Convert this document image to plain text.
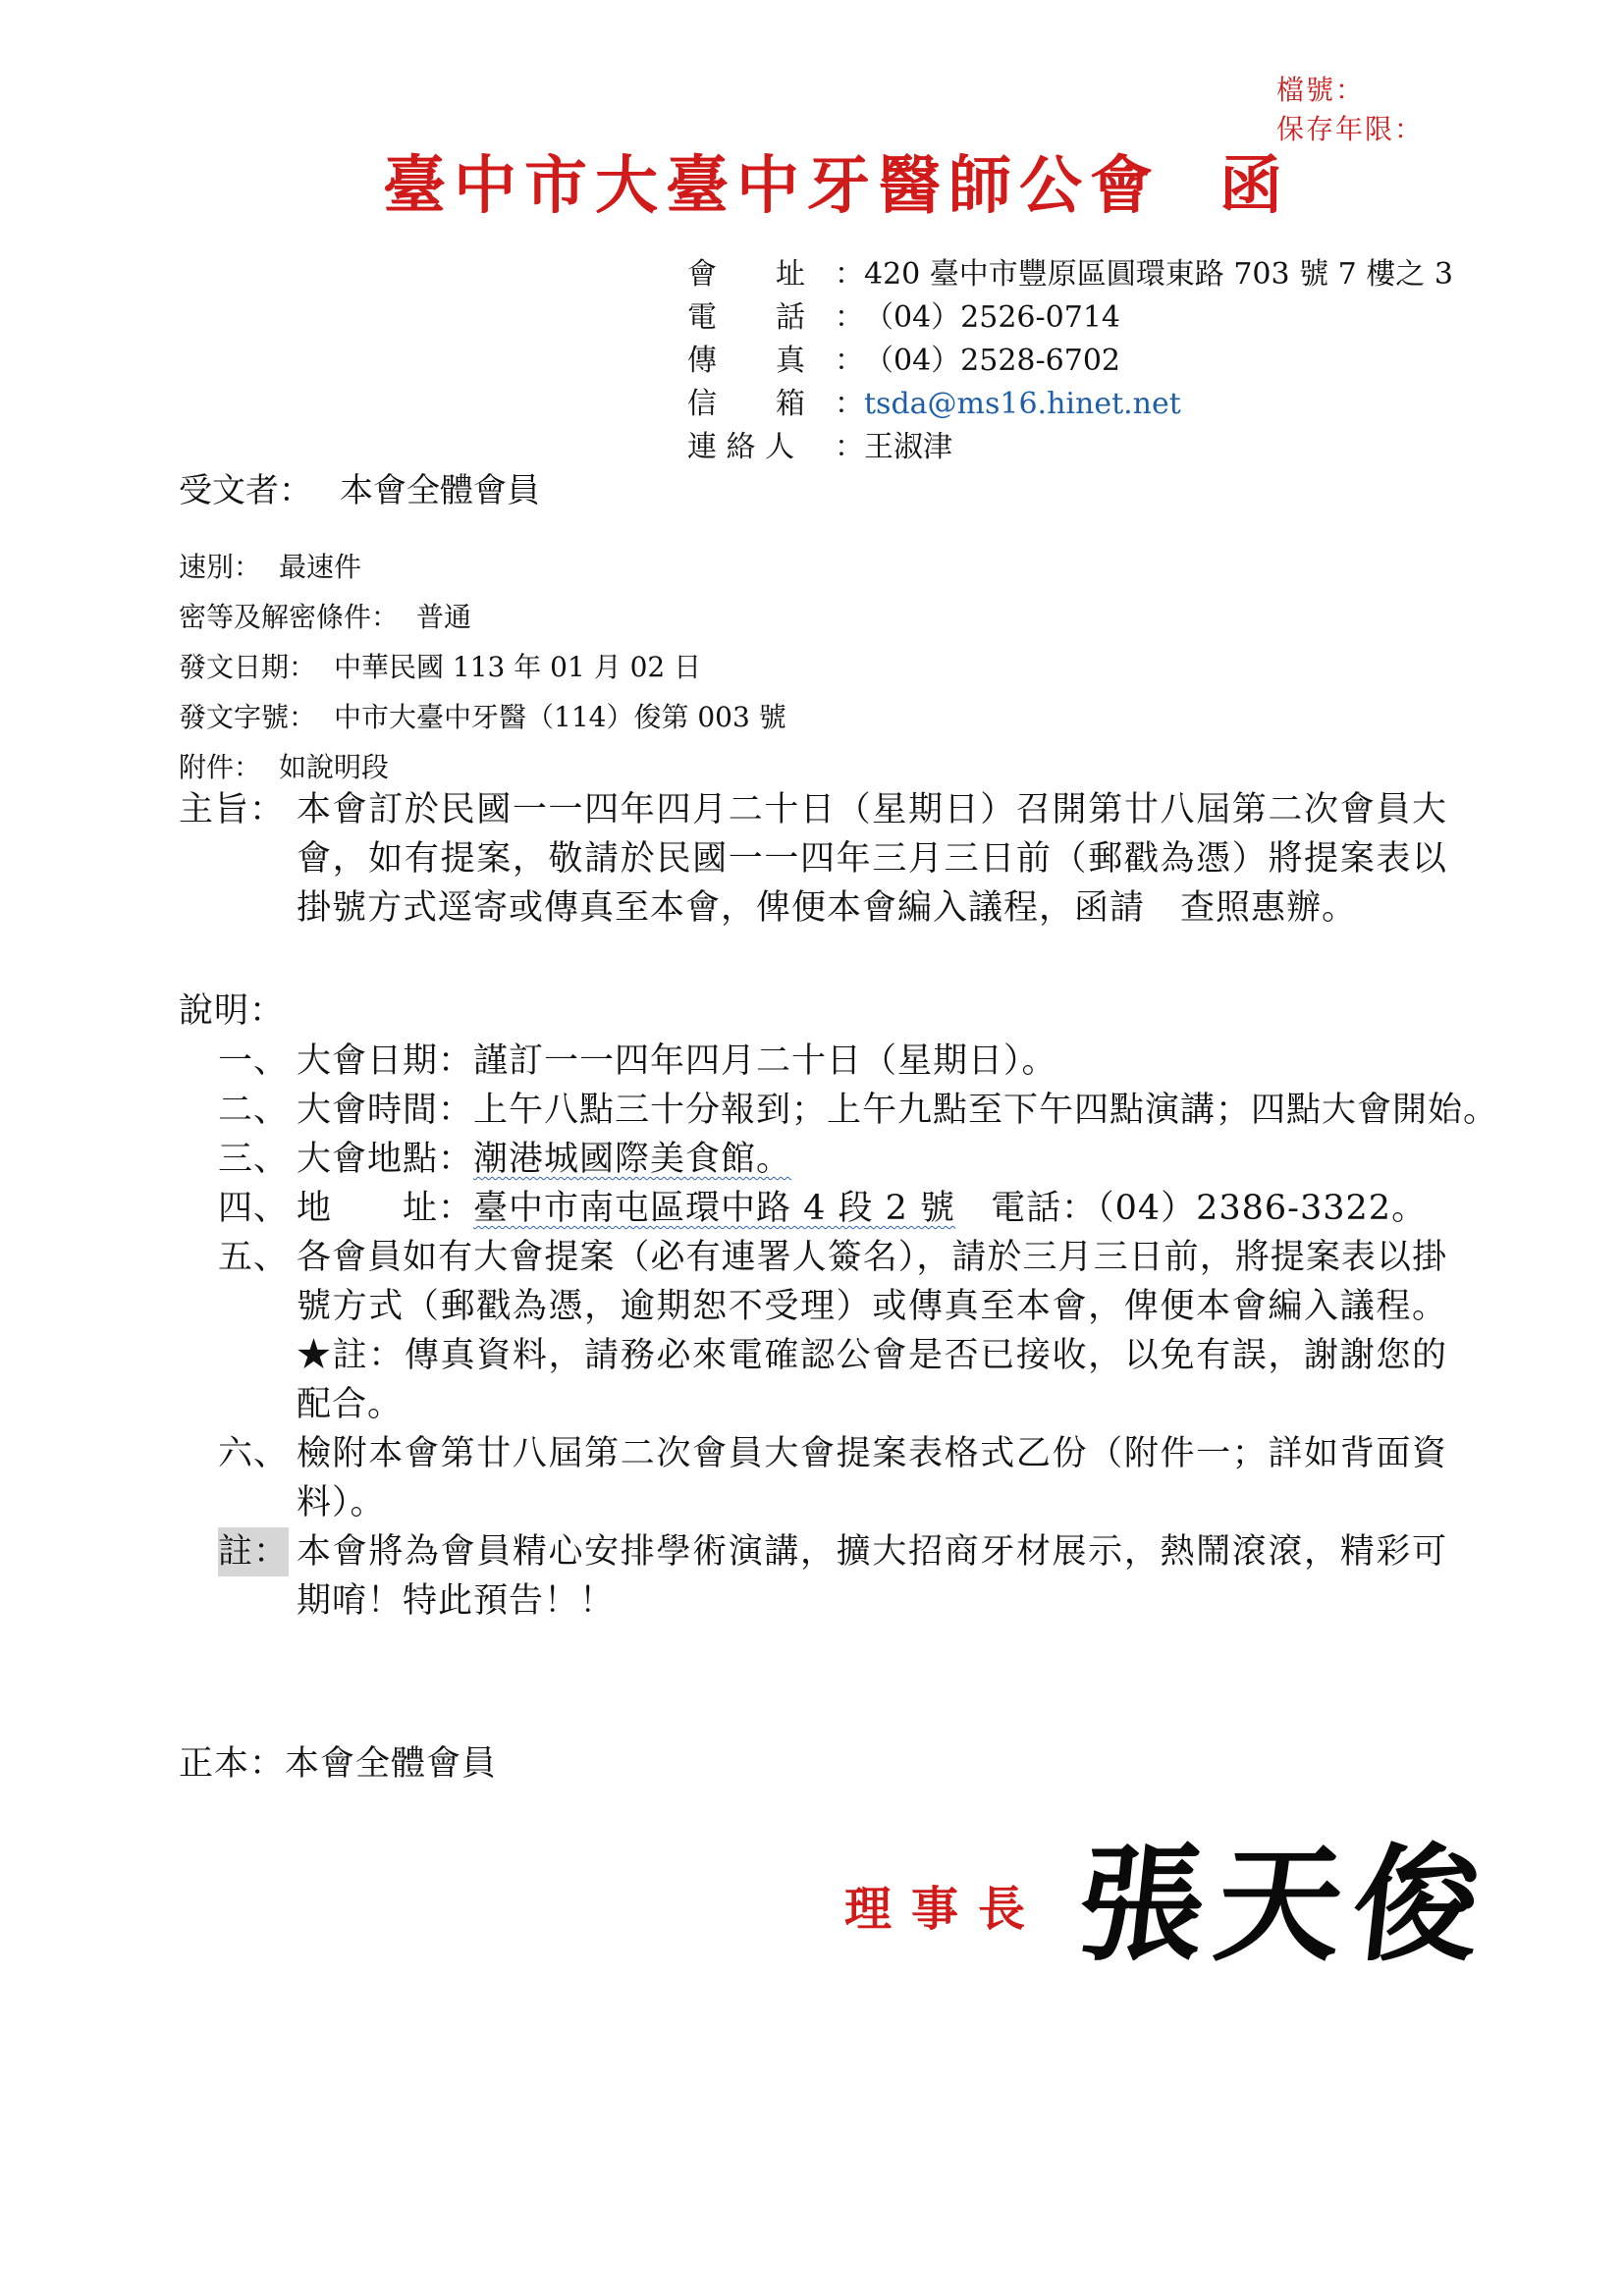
檔號：
保存年限：
臺中市大臺中牙醫師公會 函
會　　址	： 420 臺中市豐原區圓環東路 703 號 7 樓之 3
電　　話	： （04）2526-0714
傳　　真	： （04）2528-6702
信　　箱	： tsda@ms16.hinet.net
連 絡 人	： 王淑津
受文者： 本會全體會員
速別： 最速件
密等及解密條件： 普通
發文日期： 中華民國 113 年 01 月 02 日
發文字號： 中市大臺中牙醫（114）俊第 003 號
附件： 如說明段
主旨： 本會訂於民國一一四年四月二十日（星期日）召開第廿八屆第二次會員大會，如有提案，敬請於民國一一四年三月三日前（郵戳為憑）將提案表以掛號方式逕寄或傳真至本會，俾便本會編入議程，函請　查照惠辦。
說明：
一、 大會日期：謹訂一一四年四月二十日（星期日）。
二、 大會時間：上午八點三十分報到；上午九點至下午四點演講；四點大會開始。
三、 大會地點：潮港城國際美食館。
四、 地　　址：臺中市南屯區環中路 4 段 2 號　電話：（04）2386-3322。
五、 各會員如有大會提案（必有連署人簽名），請於三月三日前，將提案表以掛號方式（郵戳為憑，逾期恕不受理）或傳真至本會，俾便本會編入議程。★註：傳真資料，請務必來電確認公會是否已接收，以免有誤，謝謝您的配合。
六、 檢附本會第廿八屆第二次會員大會提案表格式乙份（附件一；詳如背面資料）。
註： 本會將為會員精心安排學術演講，擴大招商牙材展示，熱鬧滾滾，精彩可期唷！特此預告！！
正本：本會全體會員
理事長 張天俊
